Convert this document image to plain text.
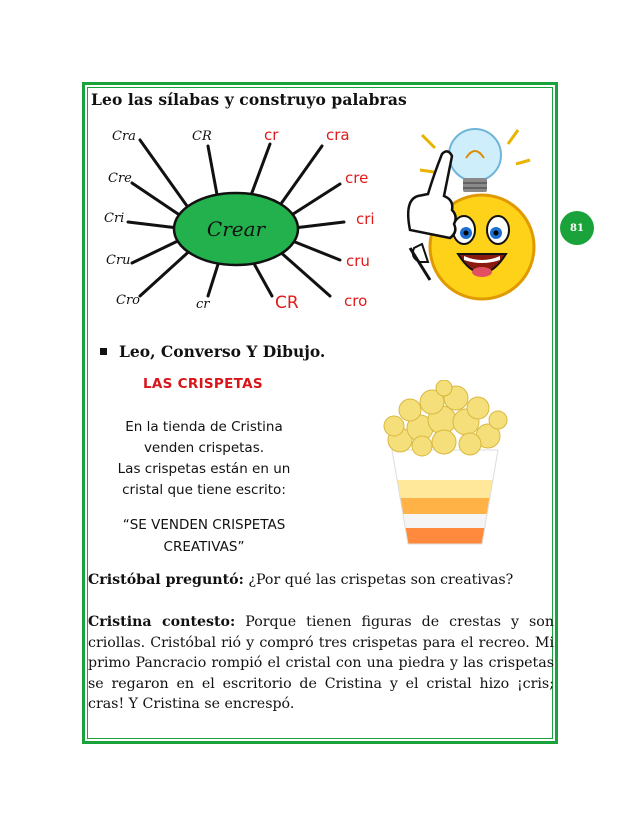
Leo las sílabas y construyo palabras
81
Crear
Cra
Cre
Cri
Cru
Cro
CR
cr
cr	cra
cre
cri
cru
cro
CR
Leo, Converso Y Dibujo.
LAS CRISPETAS
En la tienda de Cristina
venden crispetas.
Las crispetas están en un
cristal que tiene escrito:
“SE VENDEN CRISPETAS
CREATIVAS”
Cristóbal preguntó: ¿Por qué las crispetas son creativas?
Cristina contesto: Porque tienen figuras de crestas y son criollas. Cristóbal rió y compró tres crispetas para el recreo. Mi primo Pancracio rompió el cristal con una piedra y las crispetas se regaron en el escritorio de Cristina y el cristal hizo ¡cris; cras! Y Cristina se encrespó.
